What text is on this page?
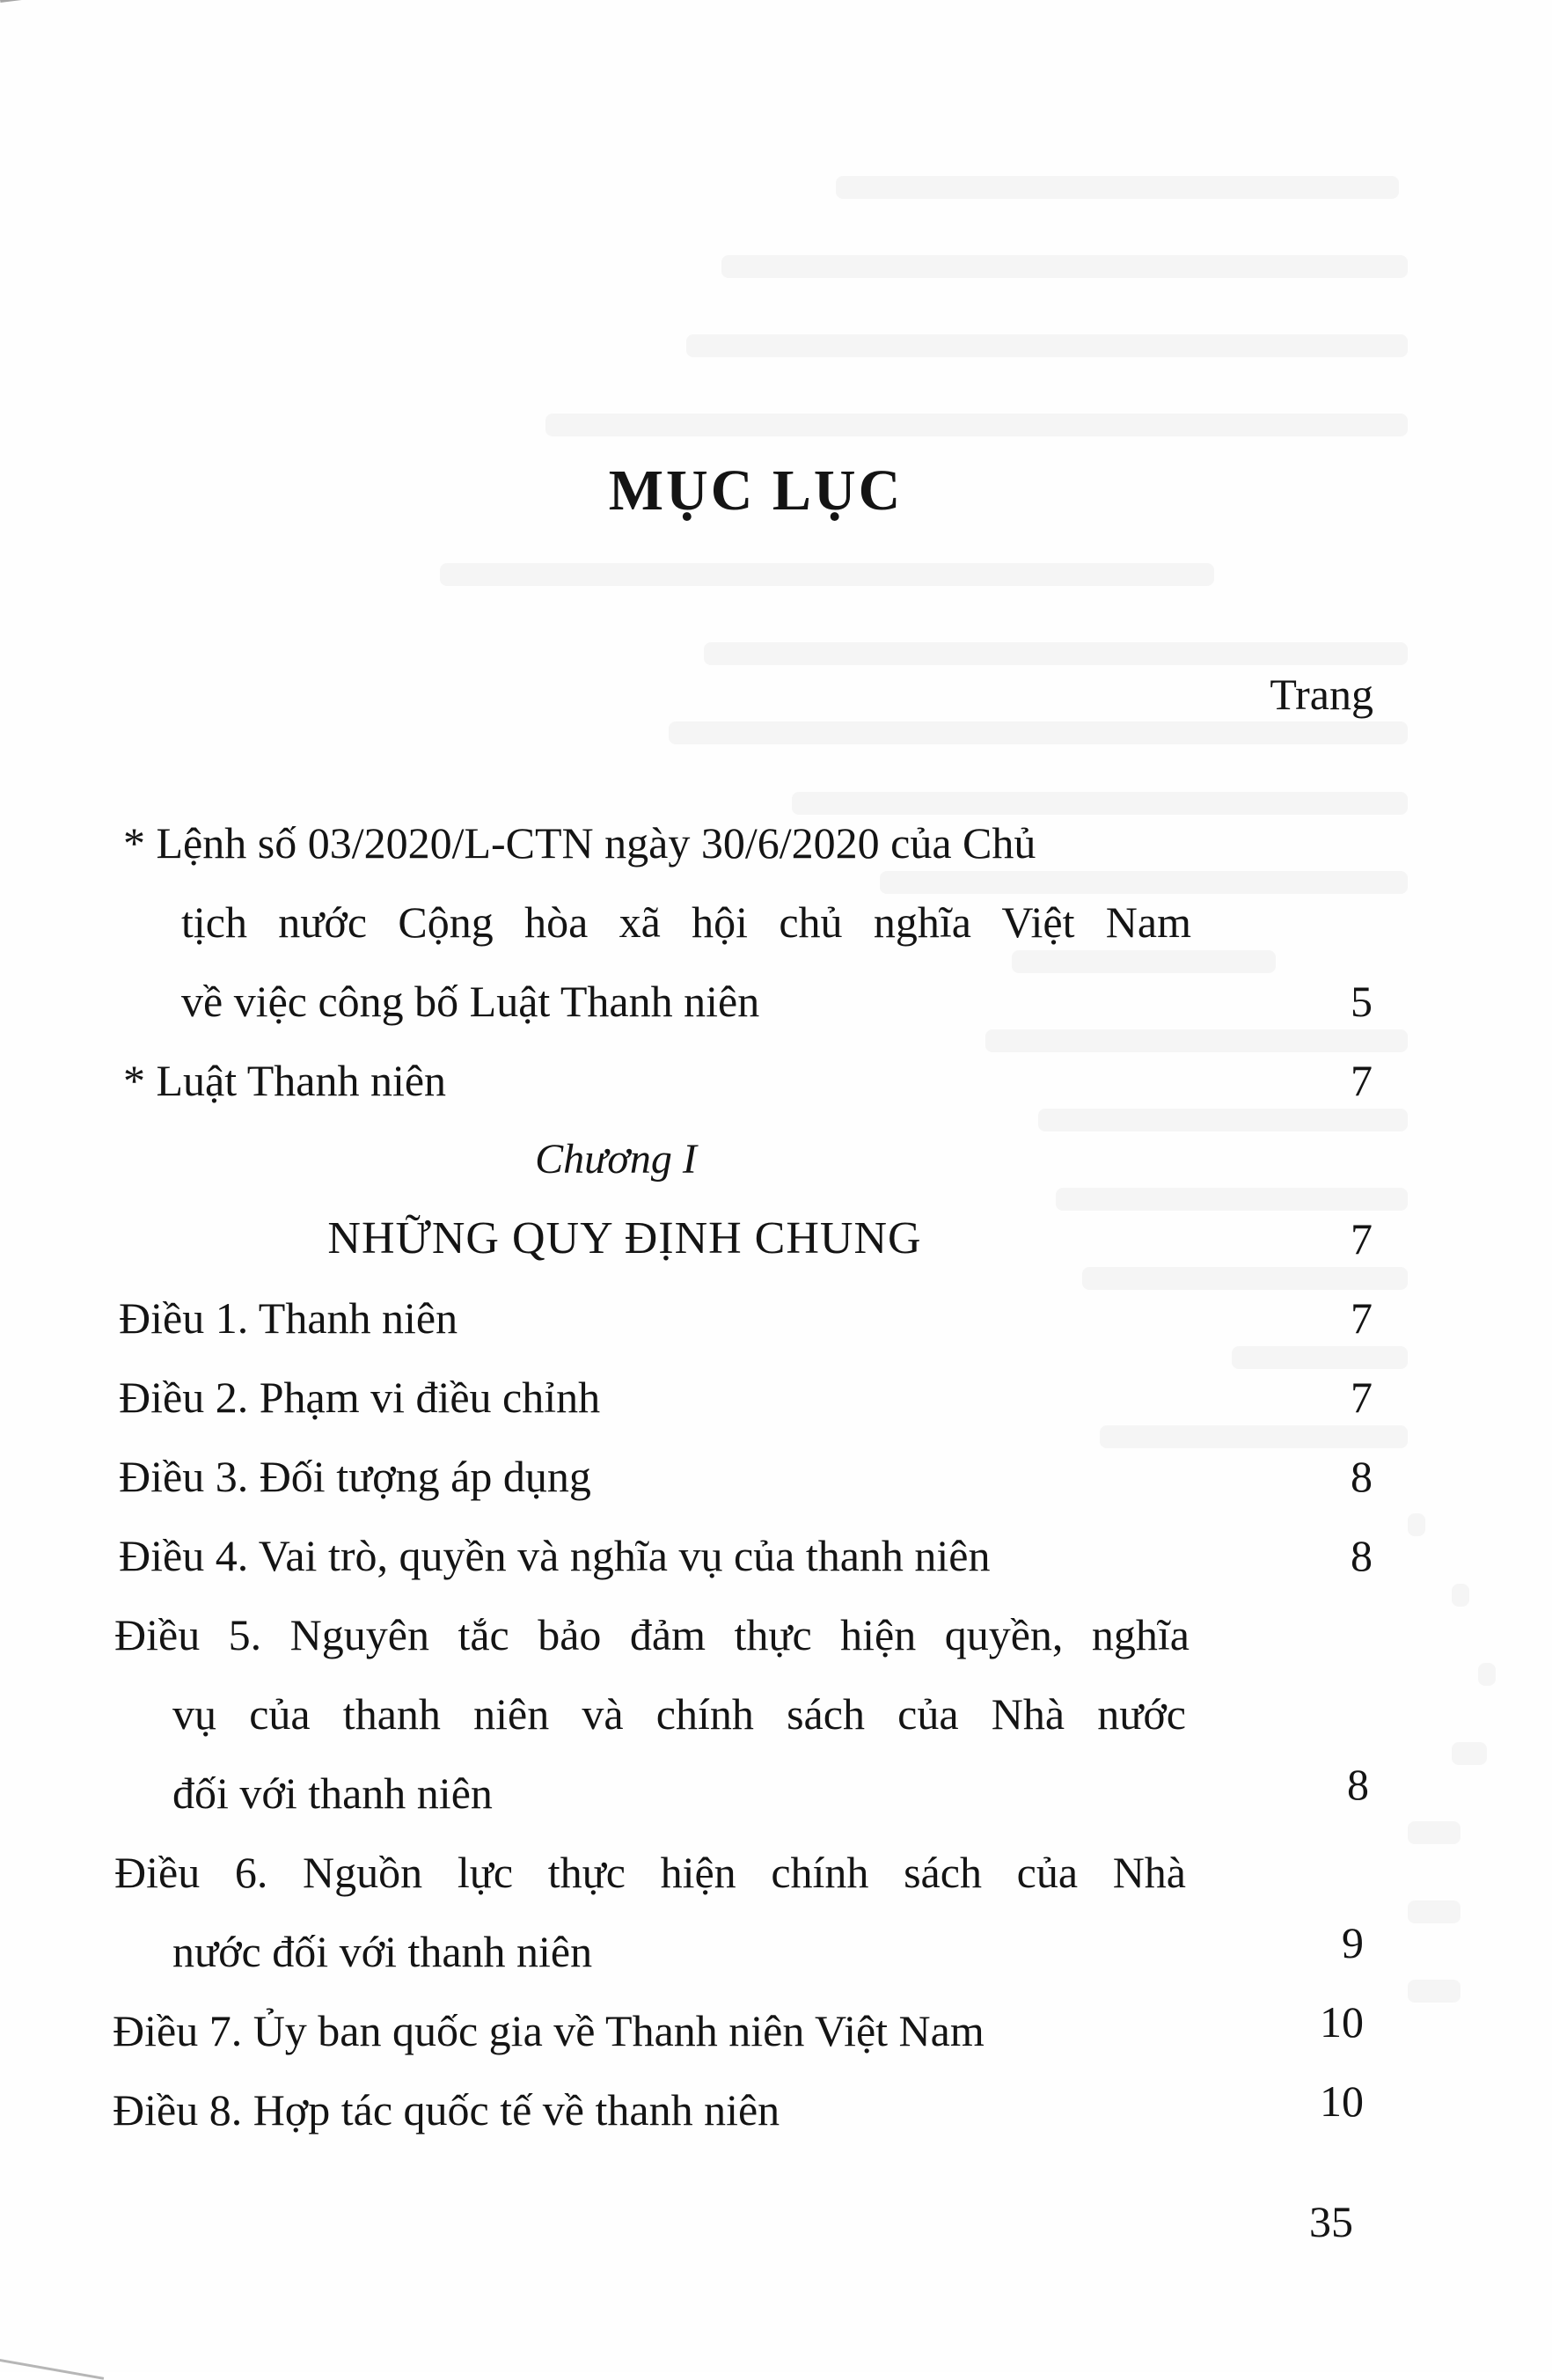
MỤC LỤC
Trang
* Lệnh số 03/2020/L-CTN ngày 30/6/2020 của Chủ
tịch nước Cộng hòa xã hội chủ nghĩa Việt Nam
về việc công bố Luật Thanh niên	5
* Luật Thanh niên	7
Chương I
NHỮNG QUY ĐỊNH CHUNG	7
Điều 1. Thanh niên	7
Điều 2. Phạm vi điều chỉnh	7
Điều 3. Đối tượng áp dụng	8
Điều 4. Vai trò, quyền và nghĩa vụ của thanh niên	8
Điều 5. Nguyên tắc bảo đảm thực hiện quyền, nghĩa
vụ của thanh niên và chính sách của Nhà nước
đối với thanh niên	8
Điều 6. Nguồn lực thực hiện chính sách của Nhà
nước đối với thanh niên	9
Điều 7. Ủy ban quốc gia về Thanh niên Việt Nam	10
Điều 8. Hợp tác quốc tế về thanh niên	10
35
